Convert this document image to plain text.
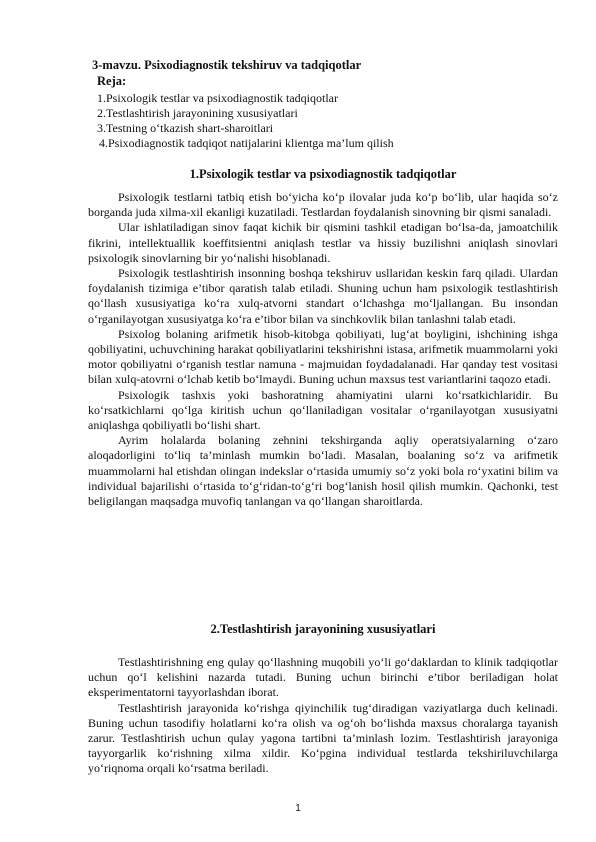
3-mavzu. Psixodiagnostik tekshiruv va tadqiqotlar
Reja:
1.Psixologik testlar va psixodiagnostik tadqiqotlar
2.Testlashtirish jarayonining xususiyatlari
3.Testning o‘tkazish shart-sharoitlari
4.Psixodiagnostik tadqiqot natijalarini klientga ma’lum qilish
1.Psixologik testlar va psixodiagnostik tadqiqotlar

Psixologik testlarni tatbiq etish bo‘yicha ko‘p ilovalar juda ko‘p bo‘lib, ular haqida so‘z borganda juda xilma-xil ekanligi kuzatiladi. Testlardan foydalanish sinovning bir qismi sanaladi.

Ular ishlatiladigan sinov faqat kichik bir qismini tashkil etadigan bo‘lsa-da, jamoatchilik fikrini, intellektuallik koeffitsientni aniqlash testlar va hissiy buzilishni aniqlash sinovlari psixologik sinovlarning bir yo‘nalishi hisoblanadi.

Psixologik testlashtirish insonning boshqa tekshiruv usllaridan keskin farq qiladi. Ulardan foydalanish tizimiga e’tibor qaratish talab etiladi. Shuning uchun ham psixologik testlashtirish qo‘llash xususiyatiga ko‘ra xulq-atvorni standart o‘lchashga mo‘ljallangan. Bu insondan o‘rganilayotgan xususiyatga ko‘ra e’tibor bilan va sinchkovlik bilan tanlashni talab etadi.

Psixolog bolaning arifmetik hisob-kitobga qobiliyati, lug‘at boyligini, ishchining ishga qobiliyatini, uchuvchining harakat qobiliyatlarini tekshirishni istasa, arifmetik muammolarni yoki motor qobiliyatni o‘rganish testlar namuna - majmuidan foydadalanadi. Har qanday test vositasi bilan xulq-atovrni o‘lchab ketib bo‘lmaydi. Buning uchun maxsus test variantlarini taqozo etadi.

Psixologik tashxis yoki bashoratning ahamiyatini ularni ko‘rsatkichlaridir. Bu ko‘rsatkichlarni qo‘lga kiritish uchun qo‘llaniladigan vositalar o‘rganilayotgan xususiyatni aniqlashga qobiliyatli bo‘lishi shart.

Ayrim holalarda bolaning zehnini tekshirganda aqliy operatsiyalarning o‘zaro aloqadorligini to‘liq ta’minlash mumkin bo‘ladi. Masalan, boalaning so‘z va arifmetik muammolarni hal etishdan olingan indekslar o‘rtasida umumiy so‘z yoki bola ro‘yxatini bilim va individual bajarilishi o‘rtasida to‘g‘ridan-to‘g‘ri bog‘lanish hosil qilish mumkin. Qachonki, test beligilangan maqsadga muvofiq tanlangan va qo‘llangan sharoitlarda.

2.Testlashtirish jarayonining xususiyatlari

Testlashtirishning eng qulay qo‘llashning muqobili yo‘li go‘daklardan to klinik tadqiqotlar uchun qo‘l kelishini nazarda tutadi. Buning uchun birinchi e’tibor beriladigan holat eksperimentatorni tayyorlashdan iborat.

Testlashtirish jarayonida ko‘rishga qiyinchilik tug‘diradigan vaziyatlarga duch kelinadi. Buning uchun tasodifiy holatlarni ko‘ra olish va og‘oh bo‘lishda maxsus choralarga tayanish zarur. Testlashtirish uchun qulay yagona tartibni ta’minlash lozim. Testlashtirish jarayoniga tayyorgarlik ko‘rishning xilma xildir. Ko‘pgina individual testlarda tekshiriluvchilarga yo‘riqnoma orqali ko‘rsatma beriladi.

1
